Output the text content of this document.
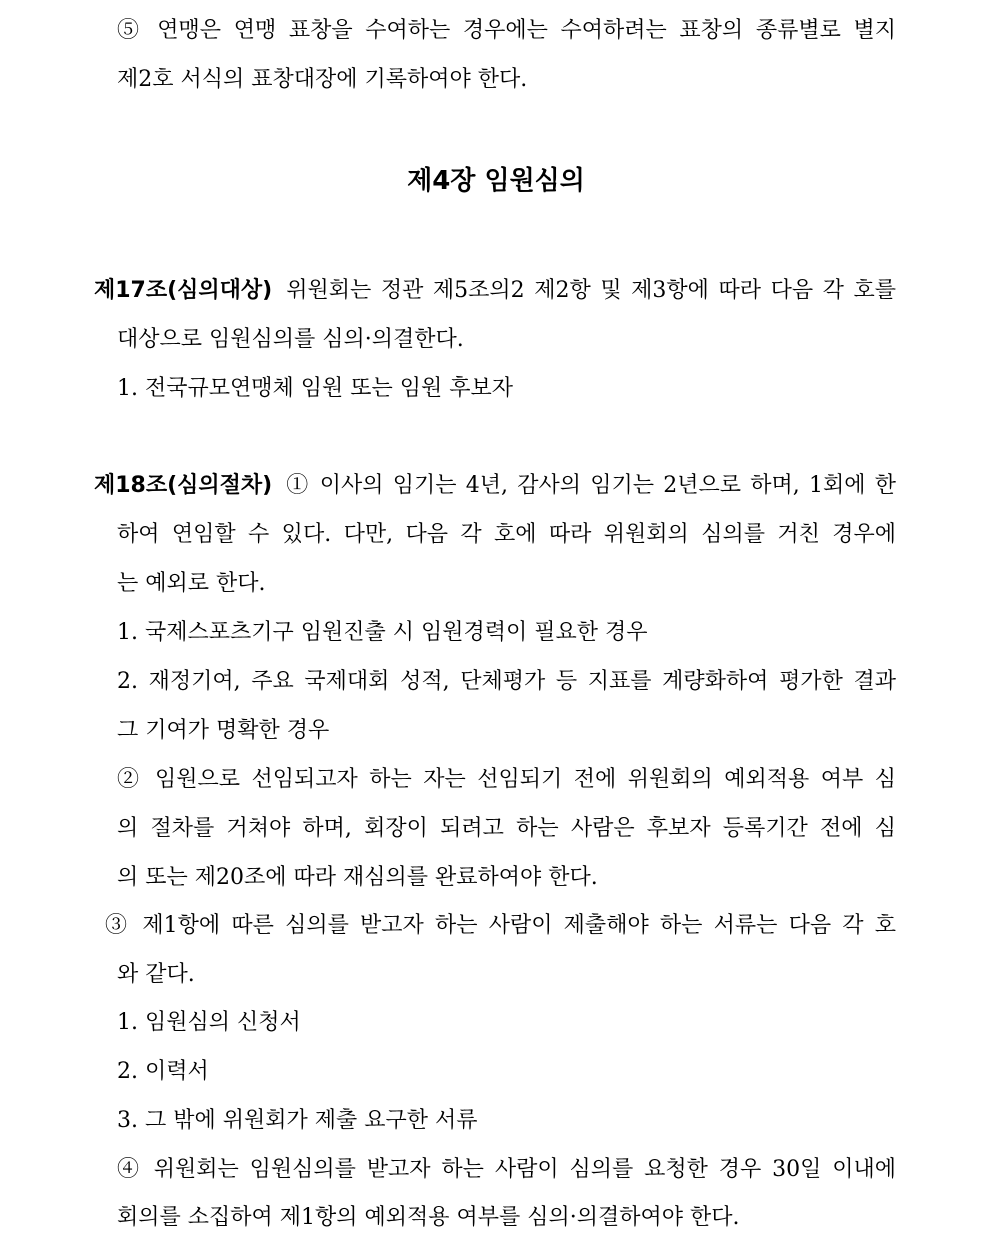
⑤ 연맹은 연맹 표창을 수여하는 경우에는 수여하려는 표창의 종류별로 별지
제2호 서식의 표창대장에 기록하여야 한다.
제4장 임원심의
제17조(심의대상) 위원회는 정관 제5조의2 제2항 및 제3항에 따라 다음 각 호를
대상으로 임원심의를 심의·의결한다.
1. 전국규모연맹체 임원 또는 임원 후보자
제18조(심의절차) ① 이사의 임기는 4년, 감사의 임기는 2년으로 하며, 1회에 한
하여 연임할 수 있다. 다만, 다음 각 호에 따라 위원회의 심의를 거친 경우에
는 예외로 한다.
1. 국제스포츠기구 임원진출 시 임원경력이 필요한 경우
2. 재정기여, 주요 국제대회 성적, 단체평가 등 지표를 계량화하여 평가한 결과
그 기여가 명확한 경우
② 임원으로 선임되고자 하는 자는 선임되기 전에 위원회의 예외적용 여부 심
의 절차를 거쳐야 하며, 회장이 되려고 하는 사람은 후보자 등록기간 전에 심
의 또는 제20조에 따라 재심의를 완료하여야 한다.
③ 제1항에 따른 심의를 받고자 하는 사람이 제출해야 하는 서류는 다음 각 호
와 같다.
1. 임원심의 신청서
2. 이력서
3. 그 밖에 위원회가 제출 요구한 서류
④ 위원회는 임원심의를 받고자 하는 사람이 심의를 요청한 경우 30일 이내에
회의를 소집하여 제1항의 예외적용 여부를 심의·의결하여야 한다.
